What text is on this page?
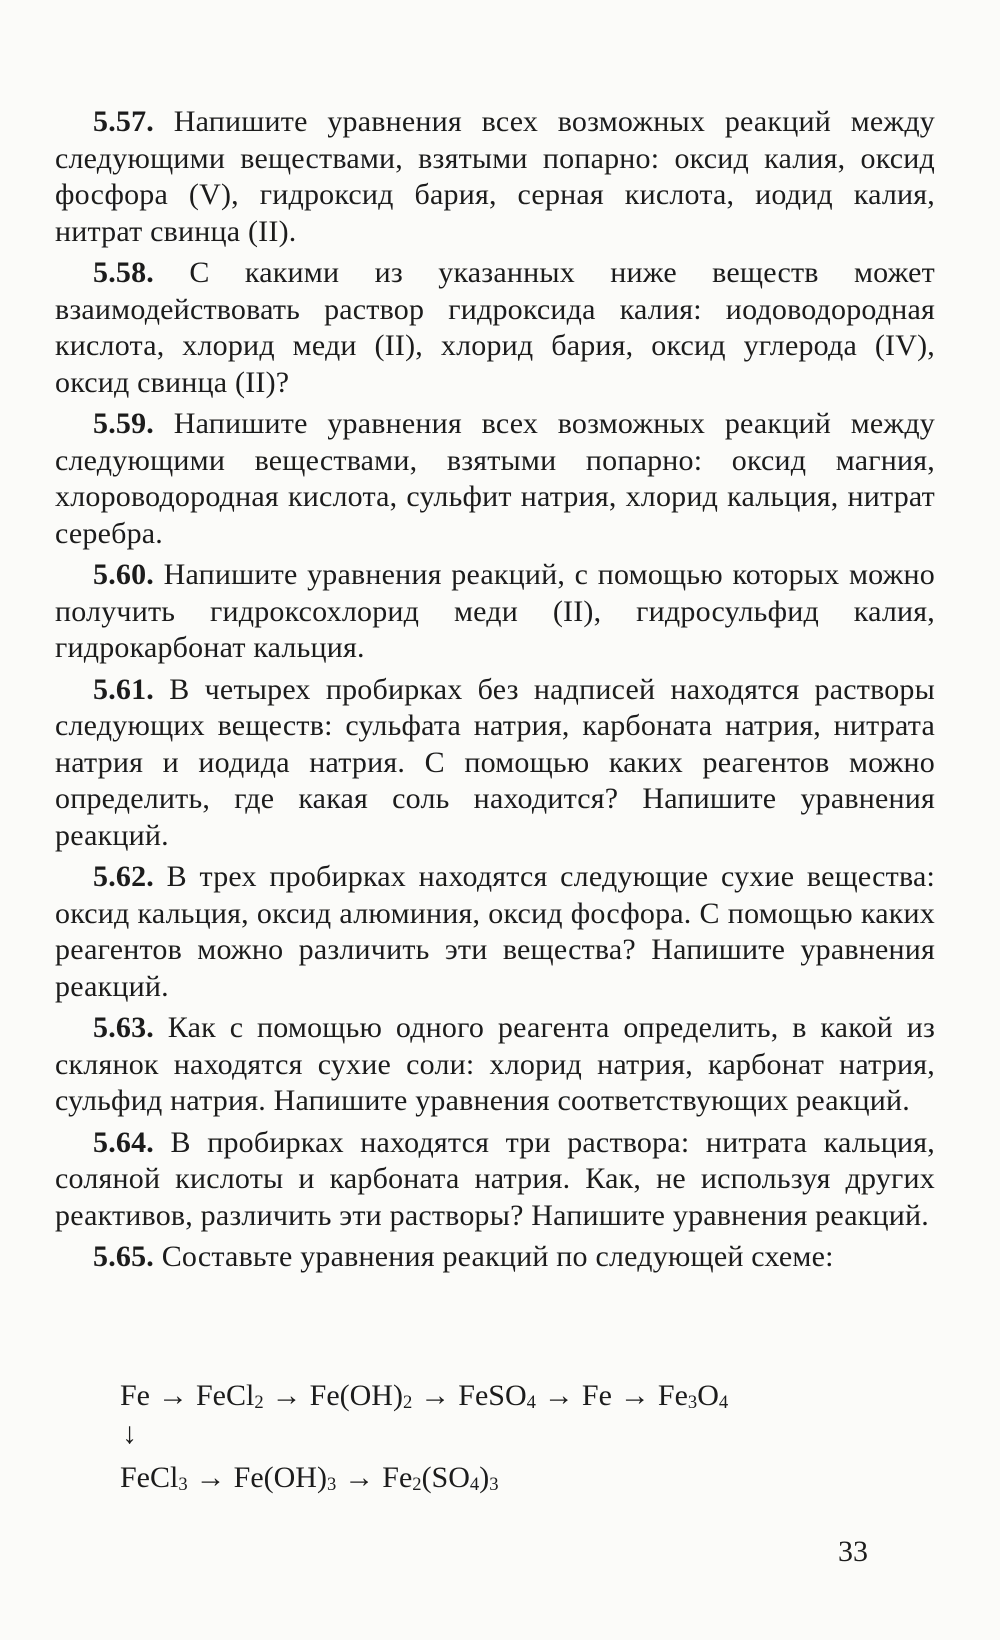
5.57. Напишите уравнения всех возможных реакций между следующими веществами, взятыми попарно: оксид калия, оксид фосфора (V), гидроксид бария, серная кислота, иодид калия, нитрат свинца (II).

5.58. С какими из указанных ниже веществ может взаимодействовать раствор гидроксида калия: иодоводородная кислота, хлорид меди (II), хлорид бария, оксид углерода (IV), оксид свинца (II)?

5.59. Напишите уравнения всех возможных реакций между следующими веществами, взятыми попарно: оксид магния, хлороводородная кислота, сульфит натрия, хлорид кальция, нитрат серебра.

5.60. Напишите уравнения реакций, с помощью которых можно получить гидроксохлорид меди (II), гидросульфид калия, гидрокарбонат кальция.

5.61. В четырех пробирках без надписей находятся растворы следующих веществ: сульфата натрия, карбоната натрия, нитрата натрия и иодида натрия. С помощью каких реагентов можно определить, где какая соль находится? Напишите уравнения реакций.

5.62. В трех пробирках находятся следующие сухие вещества: оксид кальция, оксид алюминия, оксид фосфора. С помощью каких реагентов можно различить эти вещества? Напишите уравнения реакций.

5.63. Как с помощью одного реагента определить, в какой из склянок находятся сухие соли: хлорид натрия, карбонат натрия, сульфид натрия. Напишите уравнения соответствующих реакций.

5.64. В пробирках находятся три раствора: нитрата кальция, соляной кислоты и карбоната натрия. Как, не используя других реактивов, различить эти растворы? Напишите уравнения реакций.

5.65. Составьте уравнения реакций по следующей схеме:

Fe → FeCl$_2$ → $Fe(OH)_2$ → FeSO$_4$ → $Fe \to Fe_3O_4$
↓
FeCl$_3$ → $Fe(OH)_3 \to Fe_2(SO_4)_3$
33
